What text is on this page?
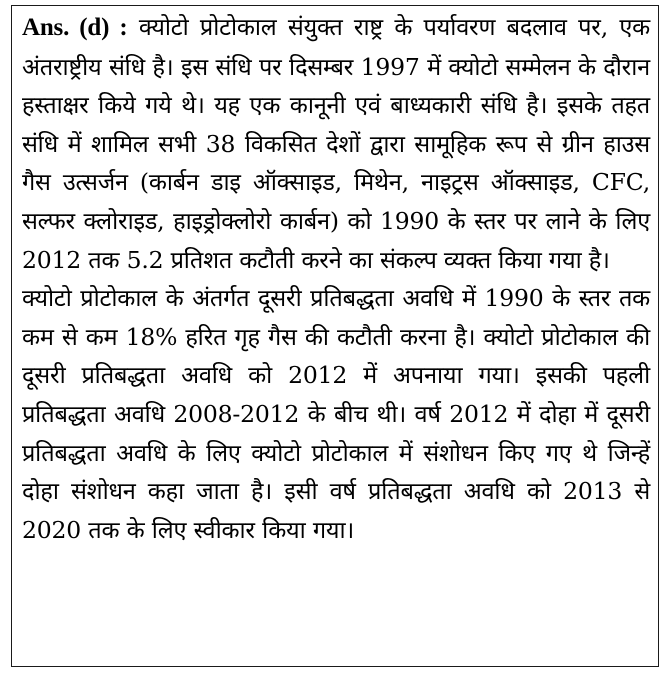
Ans. (d) : क्योटो प्रोटोकाल संयुक्त राष्ट्र के पर्यावरण बदलाव पर, एक अंतराष्ट्रीय संधि है। इस संधि पर दिसम्बर 1997 में क्योटो सम्मेलन के दौरान हस्ताक्षर किये गये थे। यह एक कानूनी एवं बाध्यकारी संधि है। इसके तहत संधि में शामिल सभी 38 विकसित देशों द्वारा सामूहिक रूप से ग्रीन हाउस गैस उत्सर्जन (कार्बन डाइ ऑक्साइड, मिथेन, नाइट्रस ऑक्साइड, CFC, सल्फर क्लोराइड, हाइड्रोक्लोरो कार्बन) को 1990 के स्तर पर लाने के लिए 2012 तक 5.2 प्रतिशत कटौती करने का संकल्प व्यक्त किया गया है।

क्योटो प्रोटोकाल के अंतर्गत दूसरी प्रतिबद्धता अवधि में 1990 के स्तर तक कम से कम 18% हरित गृह गैस की कटौती करना है। क्योटो प्रोटोकाल की दूसरी प्रतिबद्धता अवधि को 2012 में अपनाया गया। इसकी पहली प्रतिबद्धता अवधि 2008-2012 के बीच थी। वर्ष 2012 में दोहा में दूसरी प्रतिबद्धता अवधि के लिए क्योटो प्रोटोकाल में संशोधन किए गए थे जिन्हें दोहा संशोधन कहा जाता है। इसी वर्ष प्रतिबद्धता अवधि को 2013 से 2020 तक के लिए स्वीकार किया गया।
